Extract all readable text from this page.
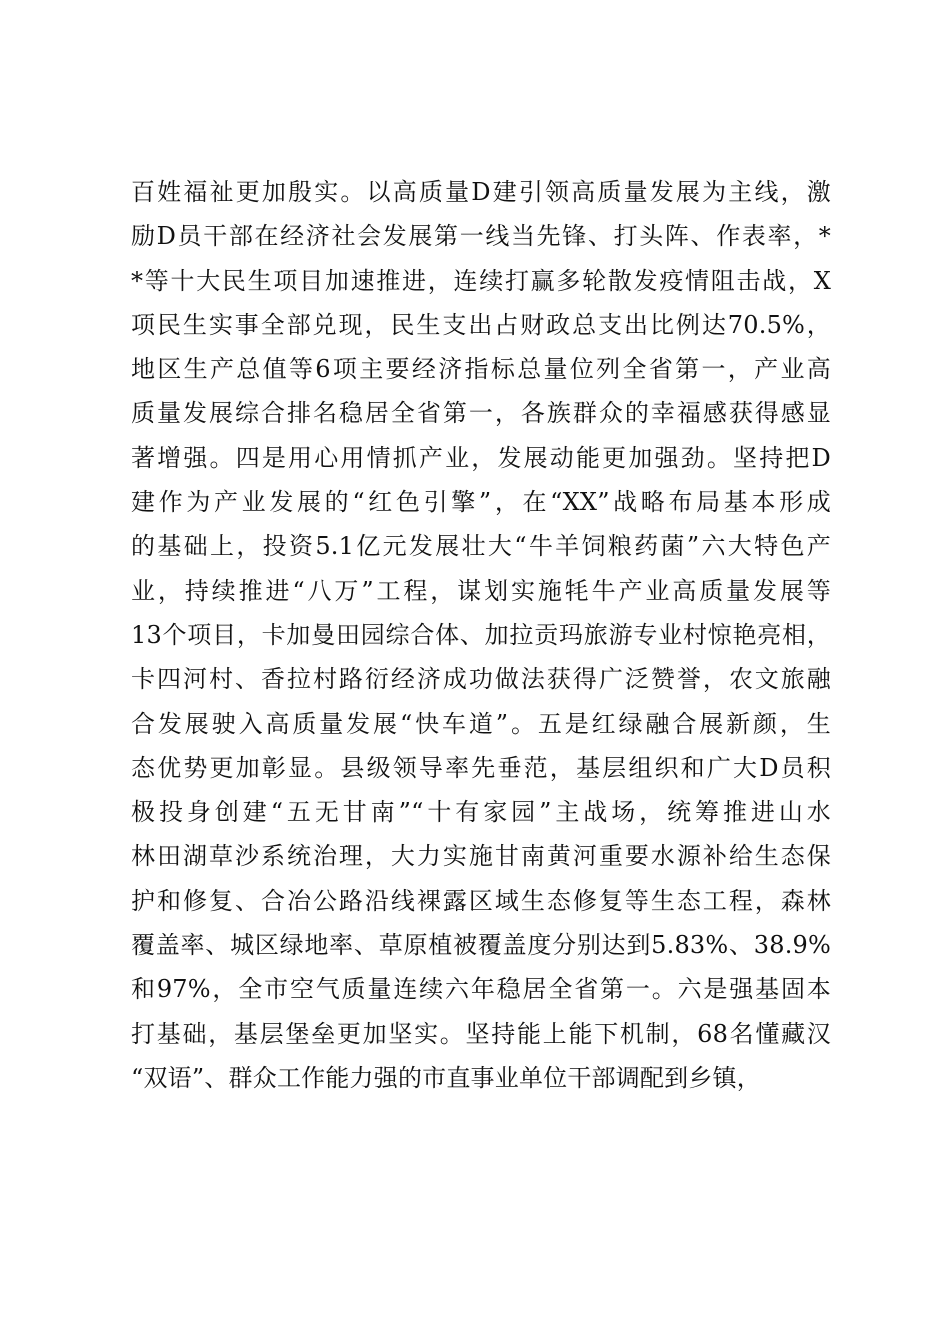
百姓福祉更加殷实。以高质量D建引领高质量发展为主线，激
励D员干部在经济社会发展第一线当先锋、打头阵、作表率，*
*等十大民生项目加速推进，连续打赢多轮散发疫情阻击战，X
项民生实事全部兑现，民生支出占财政总支出比例达70.5%，
地区生产总值等6项主要经济指标总量位列全省第一，产业高
质量发展综合排名稳居全省第一，各族群众的幸福感获得感显
著增强。四是用心用情抓产业，发展动能更加强劲。坚持把D
建作为产业发展的“红色引擎”，在“XX”战略布局基本形成
的基础上，投资5.1亿元发展壮大“牛羊饲粮药菌”六大特色产
业，持续推进“八万”工程，谋划实施牦牛产业高质量发展等
13个项目，卡加曼田园综合体、加拉贡玛旅游专业村惊艳亮相，
卡四河村、香拉村路衍经济成功做法获得广泛赞誉，农文旅融
合发展驶入高质量发展“快车道”。五是红绿融合展新颜，生
态优势更加彰显。县级领导率先垂范，基层组织和广大D员积
极投身创建“五无甘南”“十有家园”主战场，统筹推进山水
林田湖草沙系统治理，大力实施甘南黄河重要水源补给生态保
护和修复、合冶公路沿线裸露区域生态修复等生态工程，森林
覆盖率、城区绿地率、草原植被覆盖度分别达到5.83%、38.9%
和97%，全市空气质量连续六年稳居全省第一。六是强基固本
打基础，基层堡垒更加坚实。坚持能上能下机制，68名懂藏汉
“双语”、群众工作能力强的市直事业单位干部调配到乡镇，
